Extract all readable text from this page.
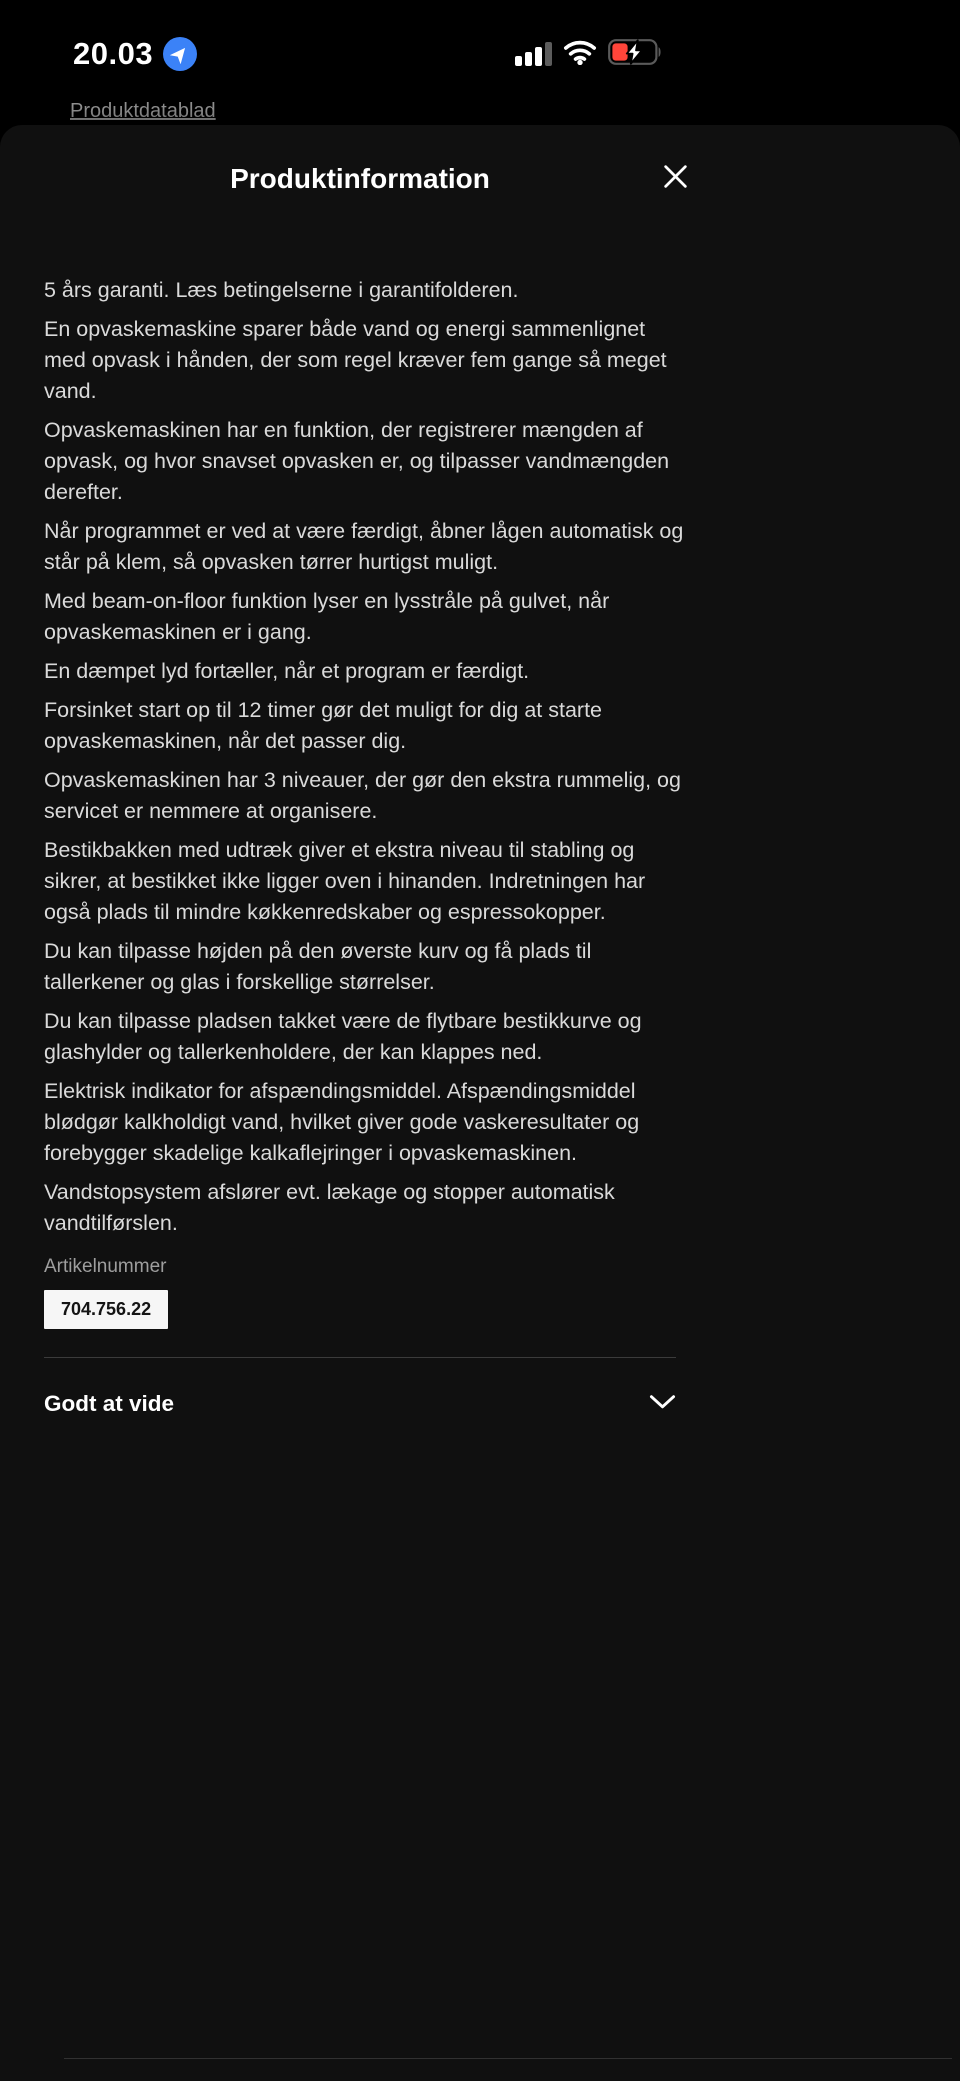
20.03
Produktdatablad
Produktinformation

5 års garanti. Læs betingelserne i garantifolderen.

En opvaskemaskine sparer både vand og energi sammenlignet med opvask i hånden, der som regel kræver fem gange så meget vand.

Opvaskemaskinen har en funktion, der registrerer mængden af opvask, og hvor snavset opvasken er, og tilpasser vandmængden derefter.

Når programmet er ved at være færdigt, åbner lågen automatisk og står på klem, så opvasken tørrer hurtigst muligt.

Med beam-on-floor funktion lyser en lysstråle på gulvet, når opvaskemaskinen er i gang.

En dæmpet lyd fortæller, når et program er færdigt.

Forsinket start op til 12 timer gør det muligt for dig at starte opvaskemaskinen, når det passer dig.

Opvaskemaskinen har 3 niveauer, der gør den ekstra rummelig, og servicet er nemmere at organisere.

Bestikbakken med udtræk giver et ekstra niveau til stabling og sikrer, at bestikket ikke ligger oven i hinanden. Indretningen har også plads til mindre køkkenredskaber og espressokopper.

Du kan tilpasse højden på den øverste kurv og få plads til tallerkener og glas i forskellige størrelser.

Du kan tilpasse pladsen takket være de flytbare bestikkurve og glashylder og tallerkenholdere, der kan klappes ned.

Elektrisk indikator for afspændingsmiddel. Afspændingsmiddel blødgør kalkholdigt vand, hvilket giver gode vaskeresultater og forebygger skadelige kalkaflejringer i opvaskemaskinen.

Vandstopsystem afslører evt. lækage og stopper automatisk vandtilførslen.

Artikelnummer
704.756.22
Godt at vide
